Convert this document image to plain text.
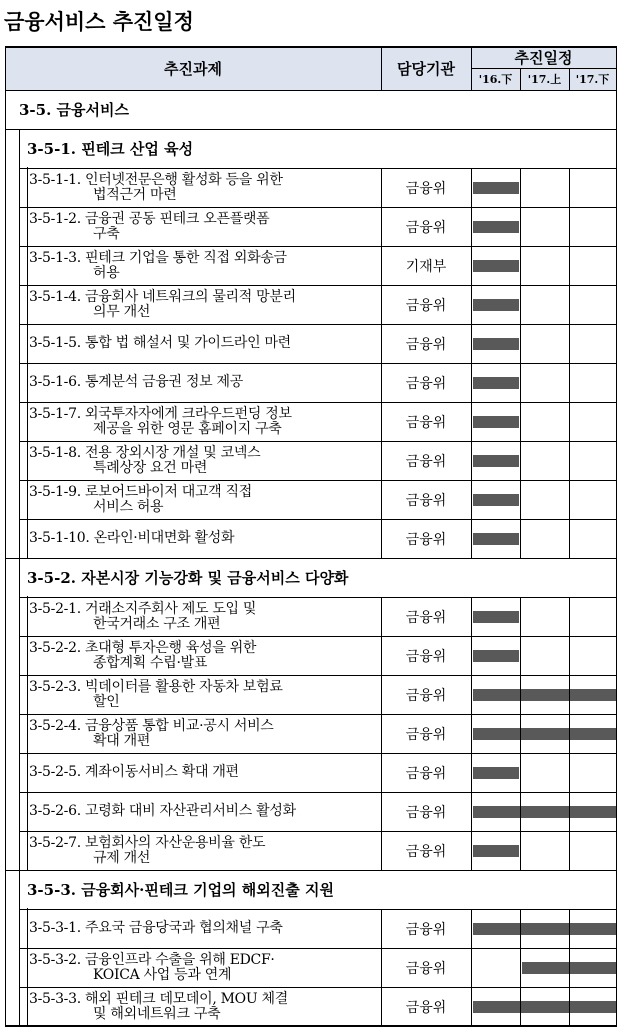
금융서비스 추진일정
추진과제	담당기관
추진일정
'16.下	'17.上	'17.下
3-5. 금융서비스
3-5-1. 핀테크 산업 육성
3-5-1-1. 인터넷전문은행 활성화 등을 위한
법적근거 마련	금융위
3-5-1-2. 금융권 공동 핀테크 오픈플랫폼
구축	금융위
3-5-1-3. 핀테크 기업을 통한 직접 외화송금
허용	기재부
3-5-1-4. 금융회사 네트워크의 물리적 망분리
의무 개선	금융위
3-5-1-5. 통합 법 해설서 및 가이드라인 마련	금융위
3-5-1-6. 통계분석 금융권 정보 제공	금융위
3-5-1-7. 외국투자자에게 크라우드펀딩 정보
제공을 위한 영문 홈페이지 구축	금융위
3-5-1-8. 전용 장외시장 개설 및 코넥스
특례상장 요건 마련	금융위
3-5-1-9. 로보어드바이저 대고객 직접
서비스 허용	금융위
3-5-1-10. 온라인·비대면화 활성화	금융위
3-5-2. 자본시장 기능강화 및 금융서비스 다양화
3-5-2-1. 거래소지주회사 제도 도입 및
한국거래소 구조 개편	금융위
3-5-2-2. 초대형 투자은행 육성을 위한
종합계획 수립·발표	금융위
3-5-2-3. 빅데이터를 활용한 자동차 보험료
할인	금융위
3-5-2-4. 금융상품 통합 비교·공시 서비스
확대 개편	금융위
3-5-2-5. 계좌이동서비스 확대 개편	금융위
3-5-2-6. 고령화 대비 자산관리서비스 활성화	금융위
3-5-2-7. 보험회사의 자산운용비율 한도
규제 개선	금융위
3-5-3. 금융회사·핀테크 기업의 해외진출 지원
3-5-3-1. 주요국 금융당국과 협의채널 구축	금융위
3-5-3-2. 금융인프라 수출을 위해 EDCF·
KOICA 사업 등과 연계	금융위
3-5-3-3. 해외 핀테크 데모데이, MOU 체결
및 해외네트워크 구축	금융위
